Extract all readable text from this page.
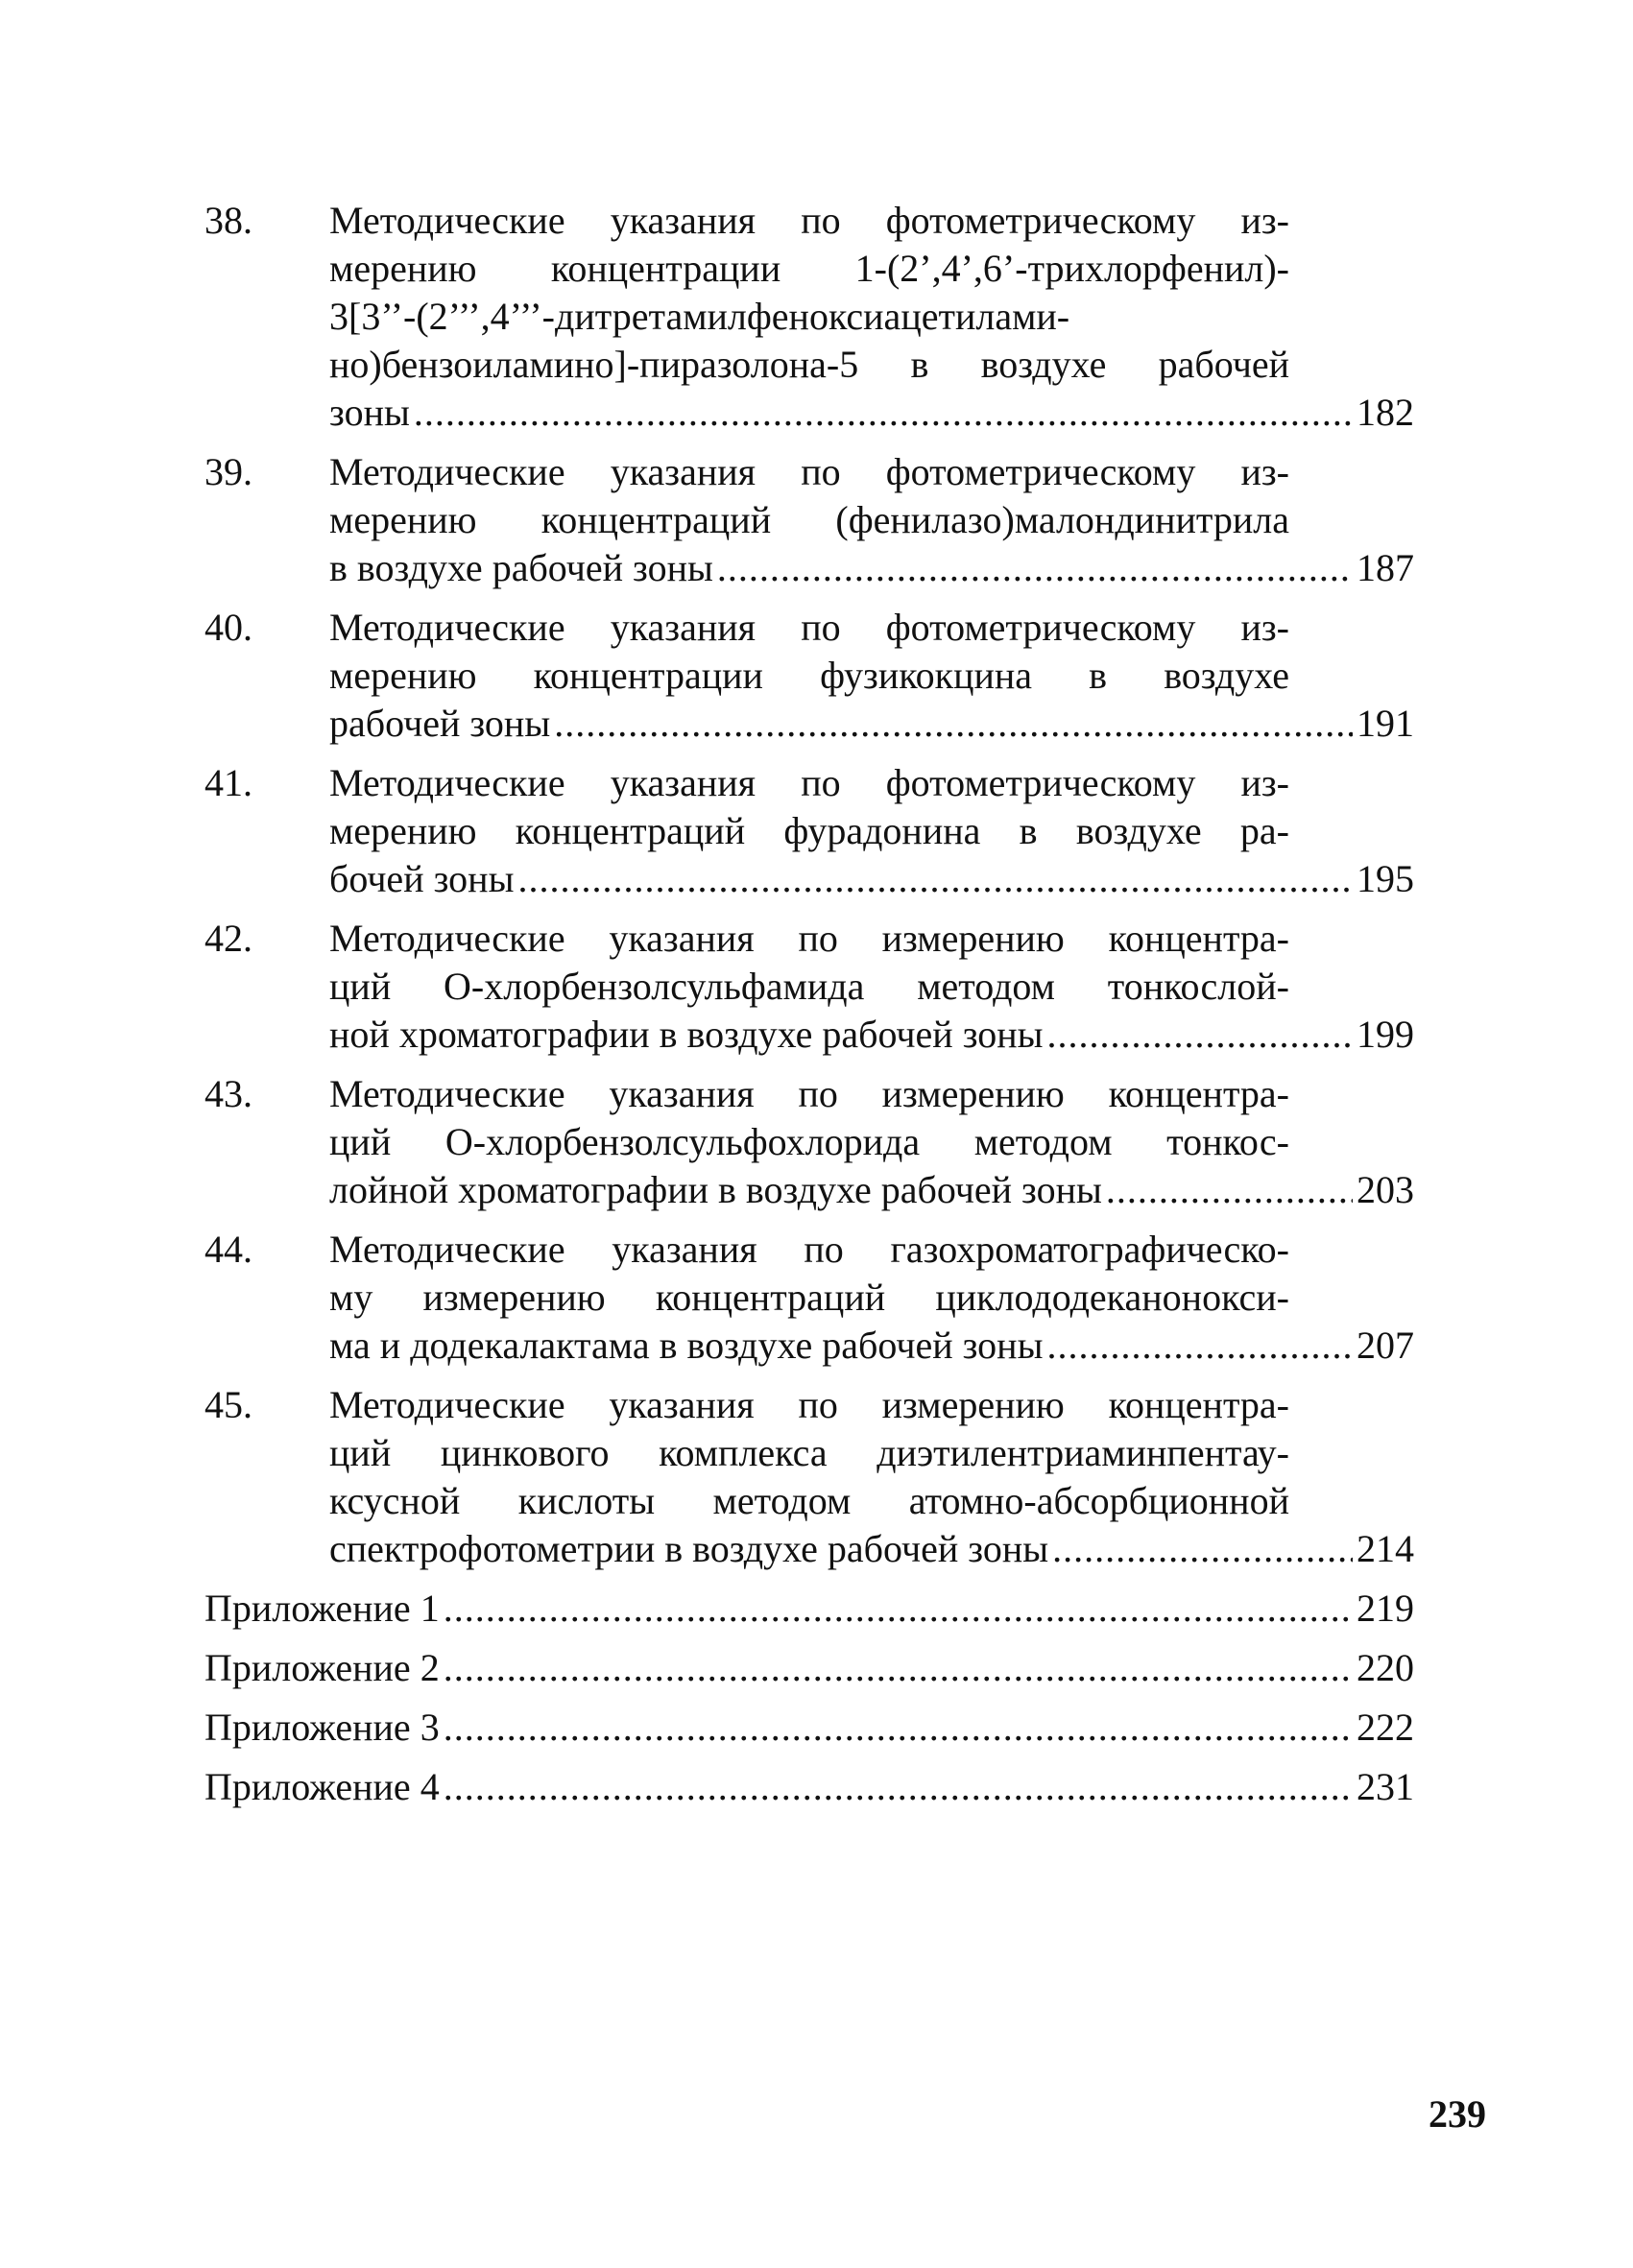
38.	Методические указания по фотометрическому из-
мерению концентрации 1-(2’,4’,6’-трихлорфенил)-
3[3’’-(2’’’,4’’’-дитретамилфеноксиацетилами-
но)бензоиламино]-пиразолона-5 в воздухе рабочей
зоны .....	182
39.	Методические указания по фотометрическому из-
мерению концентраций (фенилазо)малондинитрила
в воздухе рабочей зоны .....	187
40.	Методические указания по фотометрическому из-
мерению концентрации фузикокцина в воздухе
рабочей зоны .....	191
41.	Методические указания по фотометрическому из-
мерению концентраций фурадонина в воздухе ра-
бочей зоны .....	195
42.	Методические указания по измерению концентра-
ций О-хлорбензолсульфамида методом тонкослой-
ной хроматографии в воздухе рабочей зоны .....	199
43.	Методические указания по измерению концентра-
ций О-хлорбензолсульфохлорида методом тонкос-
лойной хроматографии в воздухе рабочей зоны .....	203
44.	Методические указания по газохроматографическо-
му измерению концентраций циклододеканонокси-
ма и додекалактама в воздухе рабочей зоны .....	207
45.	Методические указания по измерению концентра-
ций цинкового комплекса диэтилентриаминпентау-
ксусной кислоты методом атомно-абсорбционной
спектрофотометрии в воздухе рабочей зоны .....	214
Приложение 1 .....	219
Приложение 2 .....	220
Приложение 3 .....	222
Приложение 4 .....	231
239
